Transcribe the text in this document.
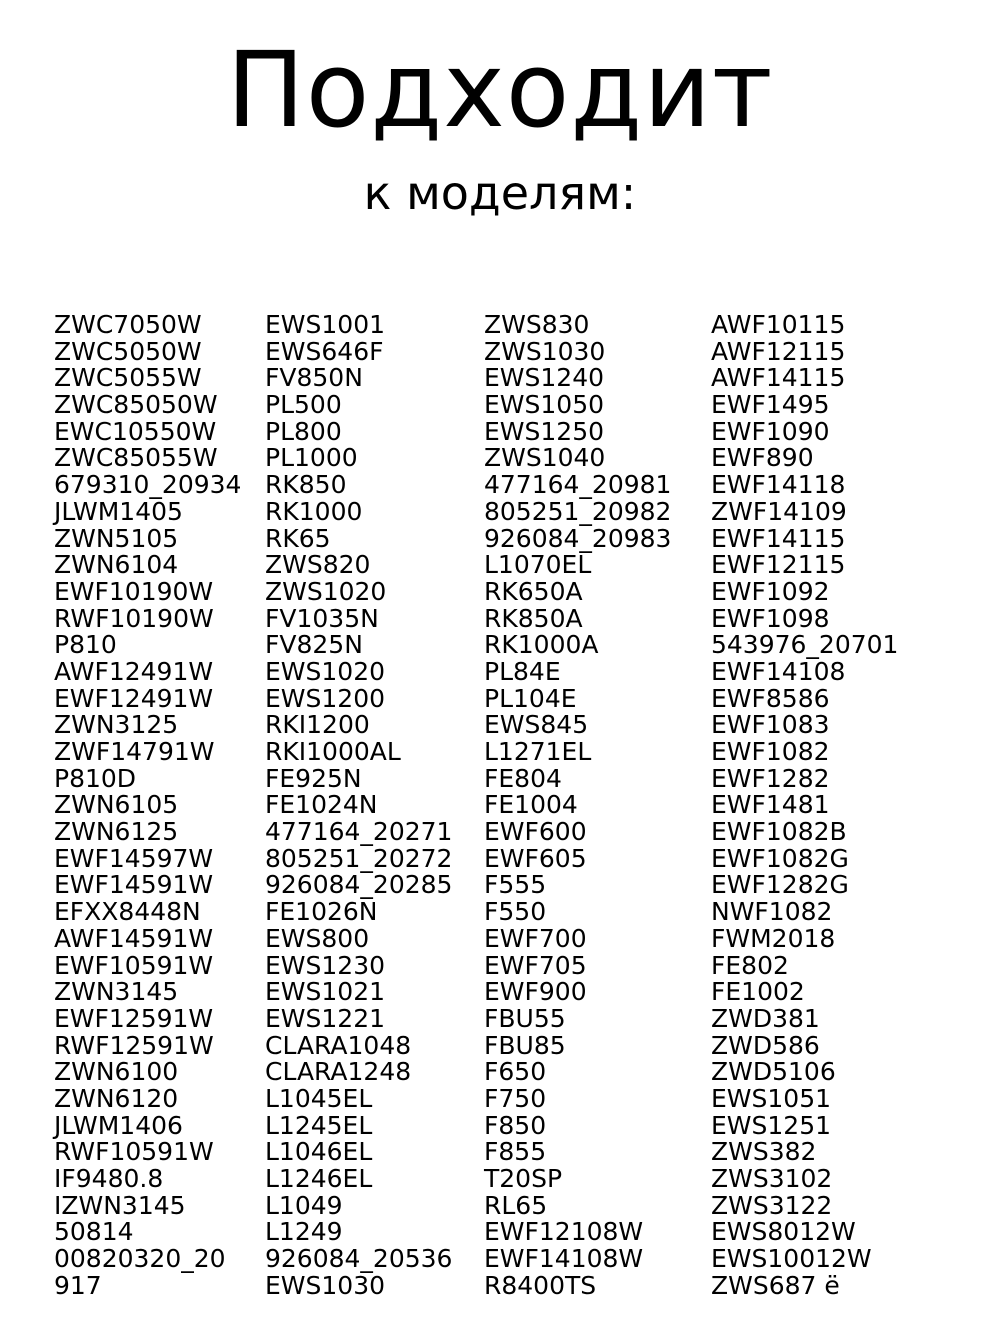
Подходит
к моделям:
ZWC7050W
ZWC5050W
ZWC5055W
ZWC85050W
EWC10550W
ZWC85055W
679310_20934
JLWM1405
ZWN5105
ZWN6104
EWF10190W
RWF10190W
P810
AWF12491W
EWF12491W
ZWN3125
ZWF14791W
P810D
ZWN6105
ZWN6125
EWF14597W
EWF14591W
EFXX8448N
AWF14591W
EWF10591W
ZWN3145
EWF12591W
RWF12591W
ZWN6100
ZWN6120
JLWM1406
RWF10591W
IF9480.8
IZWN3145
50814
00820320_20
917
EWS1001
EWS646F
FV850N
PL500
PL800
PL1000
RK850
RK1000
RK65
ZWS820
ZWS1020
FV1035N
FV825N
EWS1020
EWS1200
RKI1200
RKI1000AL
FE925N
FE1024N
477164_20271
805251_20272
926084_20285
FE1026N
EWS800
EWS1230
EWS1021
EWS1221
CLARA1048
CLARA1248
L1045EL
L1245EL
L1046EL
L1246EL
L1049
L1249
926084_20536
EWS1030
ZWS830
ZWS1030
EWS1240
EWS1050
EWS1250
ZWS1040
477164_20981
805251_20982
926084_20983
L1070EL
RK650A
RK850A
RK1000A
PL84E
PL104E
EWS845
L1271EL
FE804
FE1004
EWF600
EWF605
F555
F550
EWF700
EWF705
EWF900
FBU55
FBU85
F650
F750
F850
F855
T20SP
RL65
EWF12108W
EWF14108W
R8400TS
AWF10115
AWF12115
AWF14115
EWF1495
EWF1090
EWF890
EWF14118
ZWF14109
EWF14115
EWF12115
EWF1092
EWF1098
543976_20701
EWF14108
EWF8586
EWF1083
EWF1082
EWF1282
EWF1481
EWF1082B
EWF1082G
EWF1282G
NWF1082
FWM2018
FE802
FE1002
ZWD381
ZWD586
ZWD5106
EWS1051
EWS1251
ZWS382
ZWS3102
ZWS3122
EWS8012W
EWS10012W
ZWS687 ё
